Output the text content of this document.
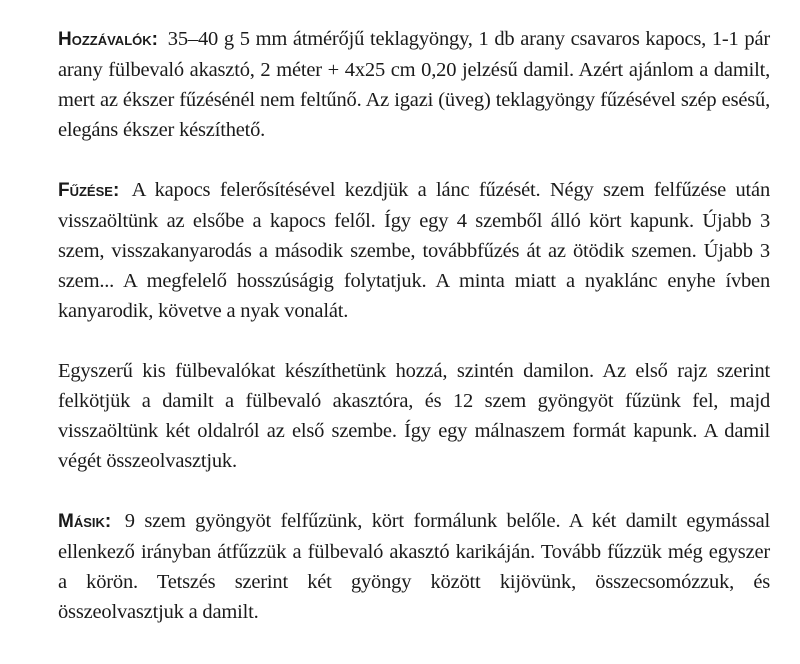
Hozzávalók: 35–40 g 5 mm átmérőjű teklagyöngy, 1 db arany csavaros kapocs, 1-1 pár arany fülbevaló akasztó, 2 méter + 4x25 cm 0,20 jelzésű damil. Azért ajánlom a damilt, mert az ékszer fűzésénél nem feltűnő. Az igazi (üveg) teklagyöngy fűzésével szép esésű, elegáns ékszer készíthető.

Fűzése: A kapocs felerősítésével kezdjük a lánc fűzését. Négy szem felfűzése után visszaöltünk az elsőbe a kapocs felől. Így egy 4 szemből álló kört kapunk. Újabb 3 szem, visszakanyarodás a második szembe, továbbfűzés át az ötödik szemen. Újabb 3 szem... A megfelelő hosszúságig folytatjuk. A minta miatt a nyaklánc enyhe ívben kanyarodik, követve a nyak vonalát.

Egyszerű kis fülbevalókat készíthetünk hozzá, szintén damilon. Az első rajz szerint felkötjük a damilt a fülbevaló akasztóra, és 12 szem gyöngyöt fűzünk fel, majd visszaöltünk két oldalról az első szembe. Így egy málnaszem formát kapunk. A damil végét összeolvasztjuk.

Másik: 9 szem gyöngyöt felfűzünk, kört formálunk belőle. A két damilt egymással ellenkező irányban átfűzzük a fülbevaló akasztó karikáján. Tovább fűzzük még egyszer a körön. Tetszés szerint két gyöngy között kijövünk, összecsomózzuk, és összeolvasztjuk a damilt.
